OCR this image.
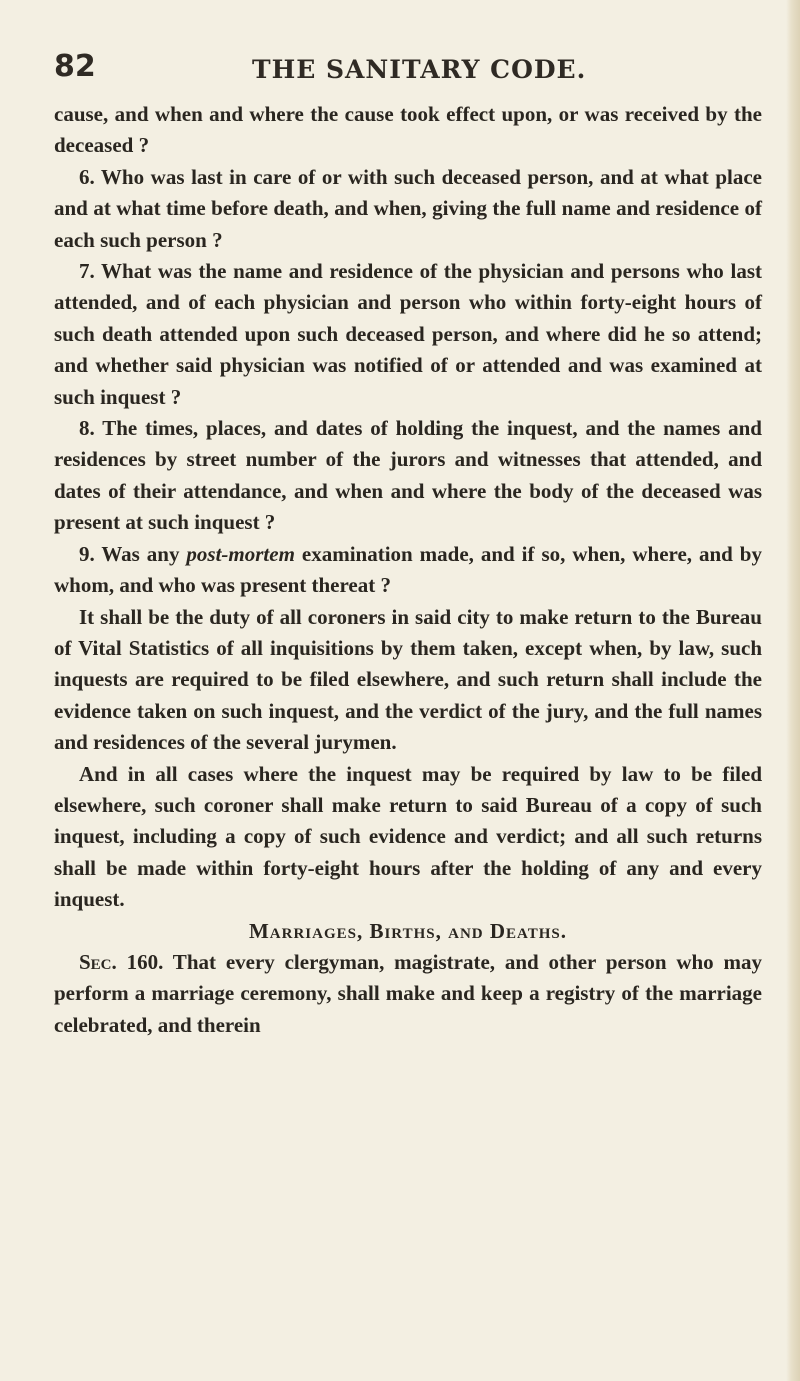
82	THE SANITARY CODE.

cause, and when and where the cause took effect upon, or was received by the deceased ?

6. Who was last in care of or with such deceased person, and at what place and at what time before death, and when, giving the full name and residence of each such person ?

7. What was the name and residence of the physician and persons who last attended, and of each physician and person who within forty-eight hours of such death attended upon such deceased person, and where did he so attend; and whether said physician was notified of or attended and was examined at such inquest ?

8. The times, places, and dates of holding the inquest, and the names and residences by street number of the jurors and witnesses that attended, and dates of their attendance, and when and where the body of the deceased was present at such inquest ?

9. Was any post-mortem examination made, and if so, when, where, and by whom, and who was present thereat ?

It shall be the duty of all coroners in said city to make return to the Bureau of Vital Statistics of all inquisitions by them taken, except when, by law, such inquests are required to be filed elsewhere, and such return shall include the evidence taken on such inquest, and the verdict of the jury, and the full names and residences of the several jurymen.

And in all cases where the inquest may be required by law to be filed elsewhere, such coroner shall make return to said Bureau of a copy of such inquest, including a copy of such evidence and verdict; and all such returns shall be made within forty-eight hours after the holding of any and every inquest.

Marriages, Births, and Deaths.

Sec. 160. That every clergyman, magistrate, and other person who may perform a marriage ceremony, shall make and keep a registry of the marriage celebrated, and therein
